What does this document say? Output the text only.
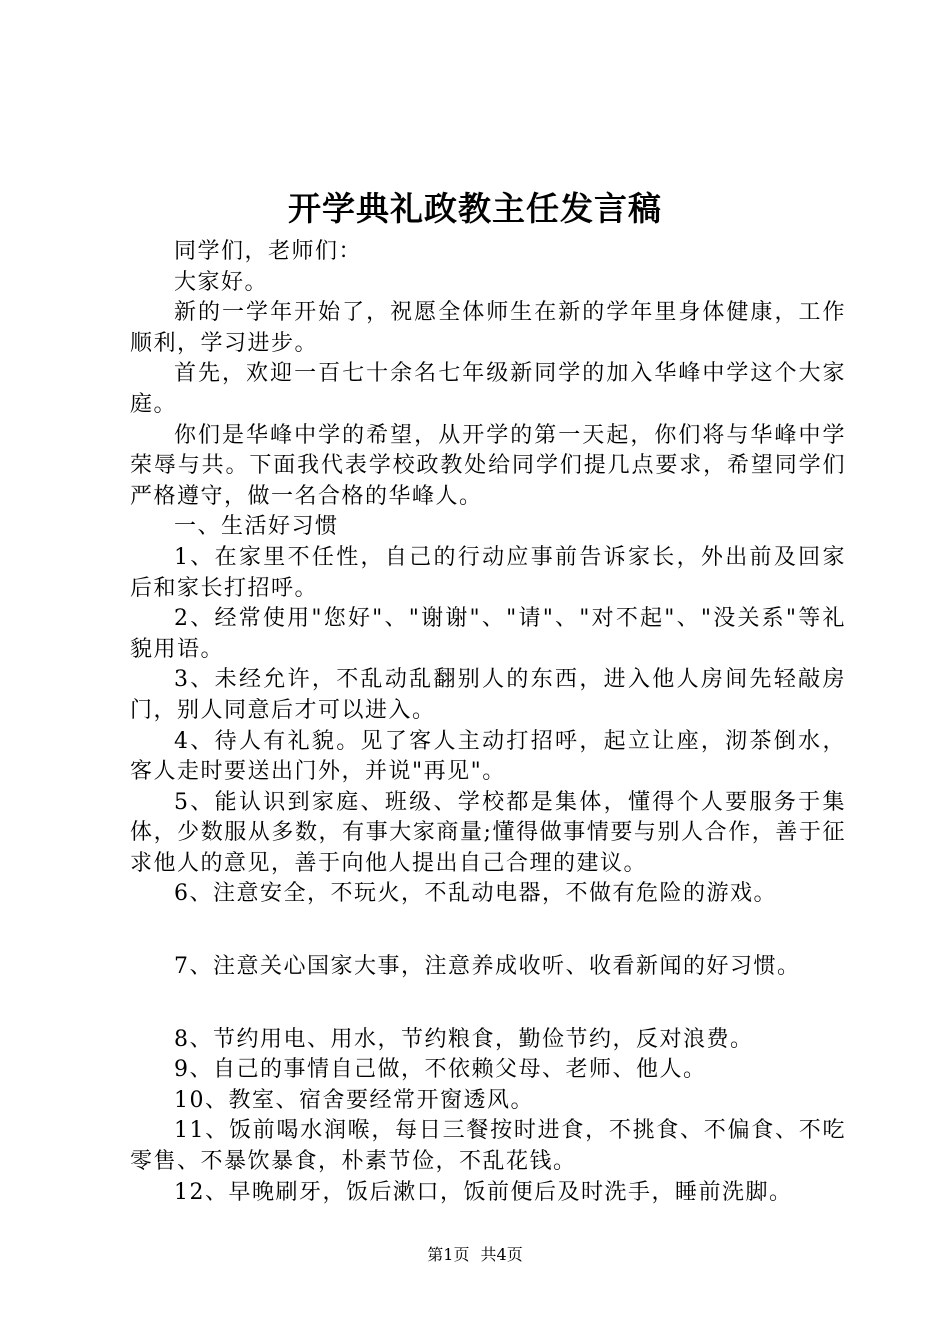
开学典礼政教主任发言稿

同学们，老师们：

大家好。

新的一学年开始了，祝愿全体师生在新的学年里身体健康，工作顺利，学习进步。

首先，欢迎一百七十余名七年级新同学的加入华峰中学这个大家庭。

你们是华峰中学的希望，从开学的第一天起，你们将与华峰中学荣辱与共。下面我代表学校政教处给同学们提几点要求，希望同学们严格遵守，做一名合格的华峰人。

一、生活好习惯

1、在家里不任性，自己的行动应事前告诉家长，外出前及回家后和家长打招呼。

2、经常使用"您好"、"谢谢"、"请"、"对不起"、"没关系"等礼貌用语。

3、未经允许，不乱动乱翻别人的东西，进入他人房间先轻敲房门，别人同意后才可以进入。

4、待人有礼貌。见了客人主动打招呼，起立让座，沏茶倒水，客人走时要送出门外，并说"再见"。

5、能认识到家庭、班级、学校都是集体，懂得个人要服务于集体，少数服从多数，有事大家商量;懂得做事情要与别人合作，善于征求他人的意见，善于向他人提出自己合理的建议。

6、注意安全，不玩火，不乱动电器，不做有危险的游戏。

7、注意关心国家大事，注意养成收听、收看新闻的好习惯。

8、节约用电、用水，节约粮食，勤俭节约，反对浪费。

9、自己的事情自己做，不依赖父母、老师、他人。

10、教室、宿舍要经常开窗透风。

11、饭前喝水润喉，每日三餐按时进食，不挑食、不偏食、不吃零售、不暴饮暴食，朴素节俭，不乱花钱。

12、早晚刷牙，饭后漱口，饭前便后及时洗手，睡前洗脚。

第1页 共4页
